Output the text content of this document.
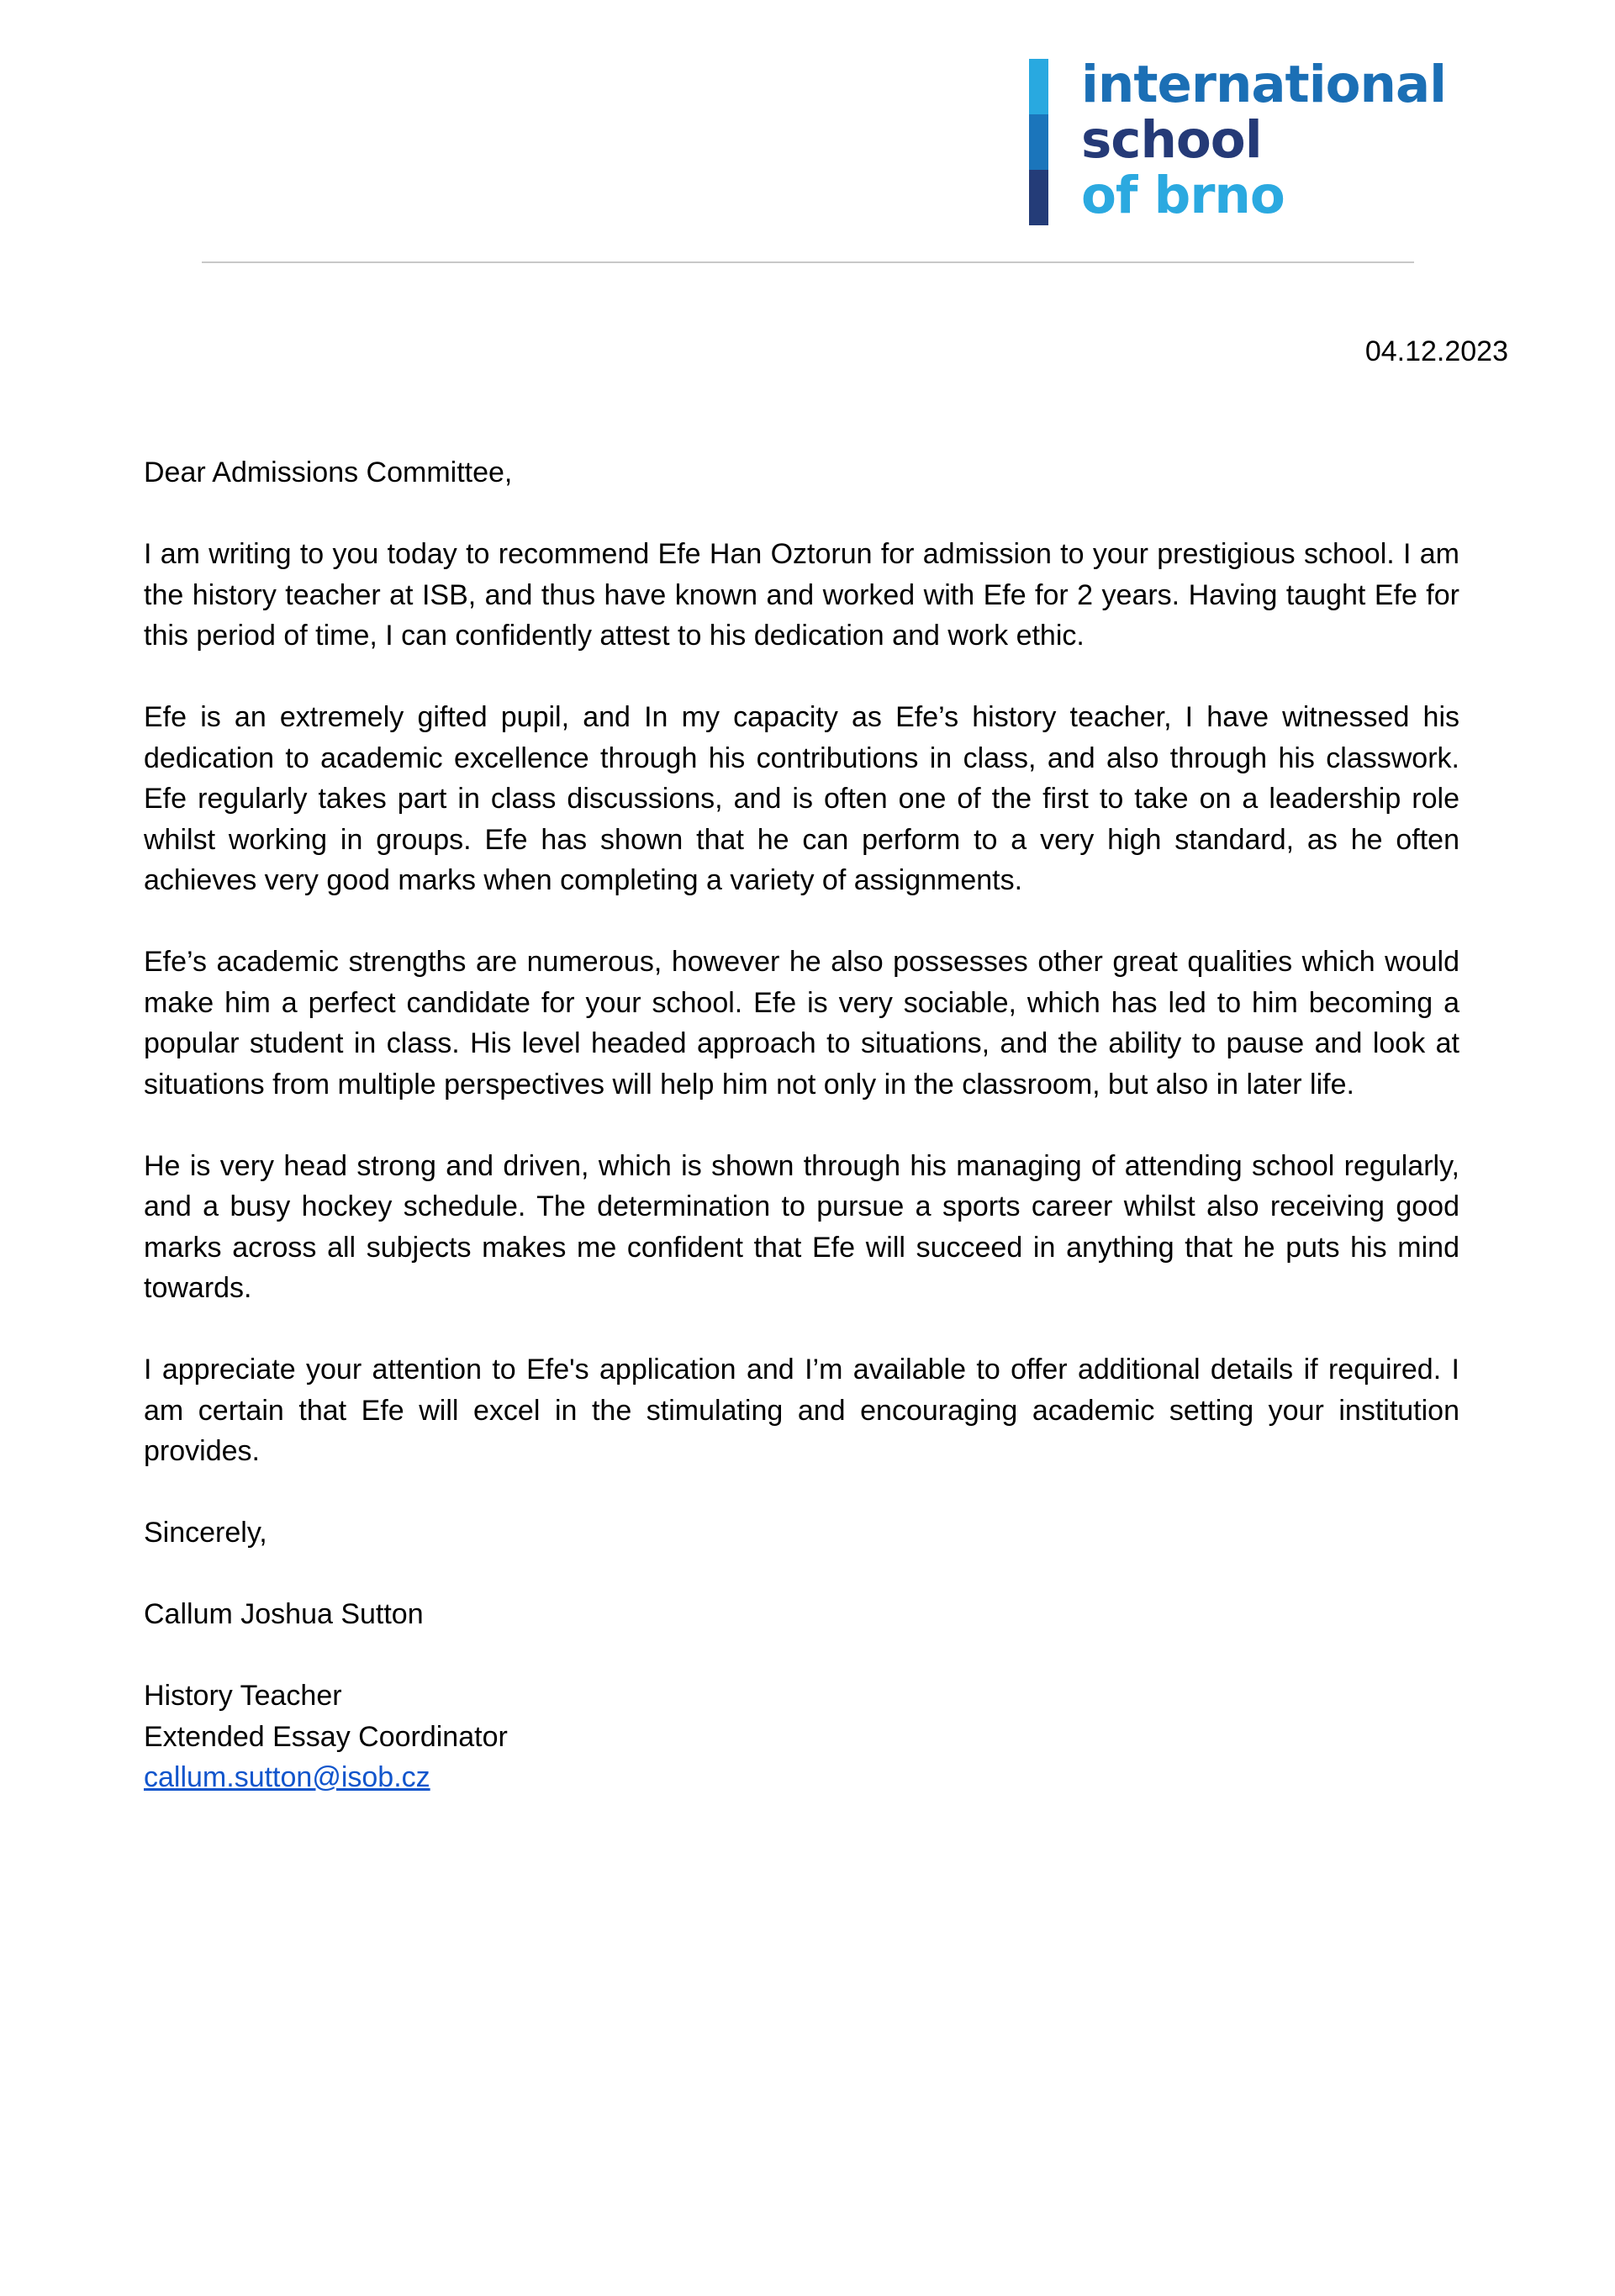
international
school
of brno
04.12.2023

Dear Admissions Committee,

I am writing to you today to recommend Efe Han Oztorun for admission to your prestigious school. I am the history teacher at ISB, and thus have known and worked with Efe for 2 years. Having taught Efe for this period of time, I can confidently attest to his dedication and work ethic.

Efe is an extremely gifted pupil, and In my capacity as Efe’s history teacher, I have witnessed his dedication to academic excellence through his contributions in class, and also through his classwork. Efe regularly takes part in class discussions, and is often one of the first to take on a leadership role whilst working in groups. Efe has shown that he can perform to a very high standard, as he often achieves very good marks when completing a variety of assignments.

Efe’s academic strengths are numerous, however he also possesses other great qualities which would make him a perfect candidate for your school. Efe is very sociable, which has led to him becoming a popular student in class. His level headed approach to situations, and the ability to pause and look at situations from multiple perspectives will help him not only in the classroom, but also in later life.

He is very head strong and driven, which is shown through his managing of attending school regularly, and a busy hockey schedule. The determination to pursue a sports career whilst also receiving good marks across all subjects makes me confident that Efe will succeed in anything that he puts his mind towards.

I appreciate your attention to Efe's application and I’m available to offer additional details if required. I am certain that Efe will excel in the stimulating and encouraging academic setting your institution provides.

Sincerely,

Callum Joshua Sutton

History Teacher

Extended Essay Coordinator

callum.sutton@isob.cz
